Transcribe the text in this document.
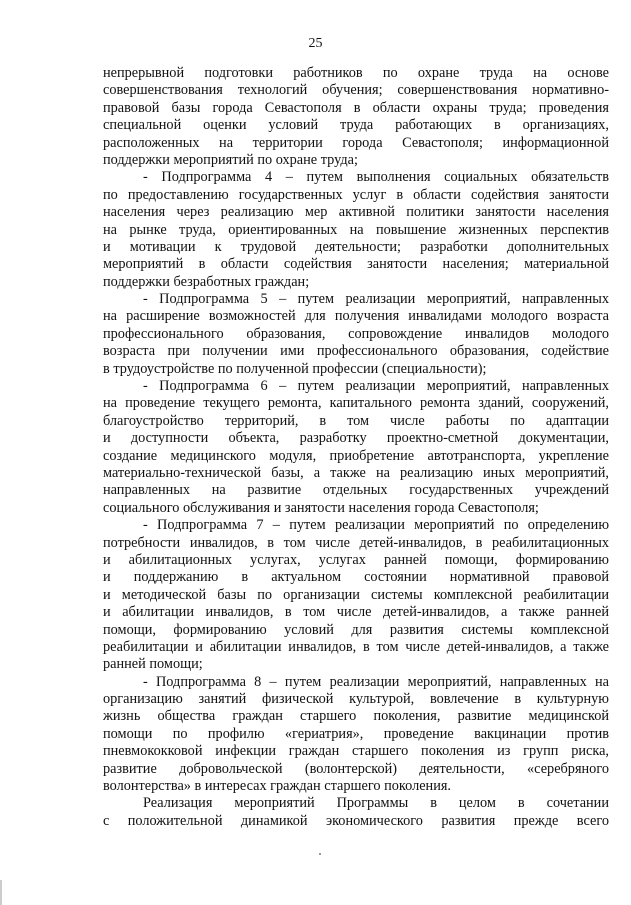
25
непрерывной подготовки работников по охране труда на основе
совершенствования технологий обучения; совершенствования нормативно-
правовой базы города Севастополя в области охраны труда; проведения
специальной оценки условий труда работающих в организациях,
расположенных на территории города Севастополя; информационной
поддержки мероприятий по охране труда;
- Подпрограмма 4 – путем выполнения социальных обязательств
по предоставлению государственных услуг в области содействия занятости
населения через реализацию мер активной политики занятости населения
на рынке труда, ориентированных на повышение жизненных перспектив
и мотивации к трудовой деятельности; разработки дополнительных
мероприятий в области содействия занятости населения; материальной
поддержки безработных граждан;
- Подпрограмма 5 – путем реализации мероприятий, направленных
на расширение возможностей для получения инвалидами молодого возраста
профессионального образования, сопровождение инвалидов молодого
возраста при получении ими профессионального образования, содействие
в трудоустройстве по полученной профессии (специальности);
- Подпрограмма 6 – путем реализации мероприятий, направленных
на проведение текущего ремонта, капитального ремонта зданий, сооружений,
благоустройство территорий, в том числе работы по адаптации
и доступности объекта, разработку проектно-сметной документации,
создание медицинского модуля, приобретение автотранспорта, укрепление
материально-технической базы, а также на реализацию иных мероприятий,
направленных на развитие отдельных государственных учреждений
социального обслуживания и занятости населения города Севастополя;
- Подпрограмма 7 – путем реализации мероприятий по определению
потребности инвалидов, в том числе детей-инвалидов, в реабилитационных
и абилитационных услугах, услугах ранней помощи, формированию
и поддержанию в актуальном состоянии нормативной правовой
и методической базы по организации системы комплексной реабилитации
и абилитации инвалидов, в том числе детей-инвалидов, а также ранней
помощи, формированию условий для развития системы комплексной
реабилитации и абилитации инвалидов, в том числе детей-инвалидов, а также
ранней помощи;
- Подпрограмма 8 – путем реализации мероприятий, направленных на
организацию занятий физической культурой, вовлечение в культурную
жизнь общества граждан старшего поколения, развитие медицинской
помощи по профилю «гериатрия», проведение вакцинации против
пневмококковой инфекции граждан старшего поколения из групп риска,
развитие добровольческой (волонтерской) деятельности, «серебряного
волонтерства» в интересах граждан старшего поколения.
Реализация мероприятий Программы в целом в сочетании
с положительной динамикой экономического развития прежде всего
